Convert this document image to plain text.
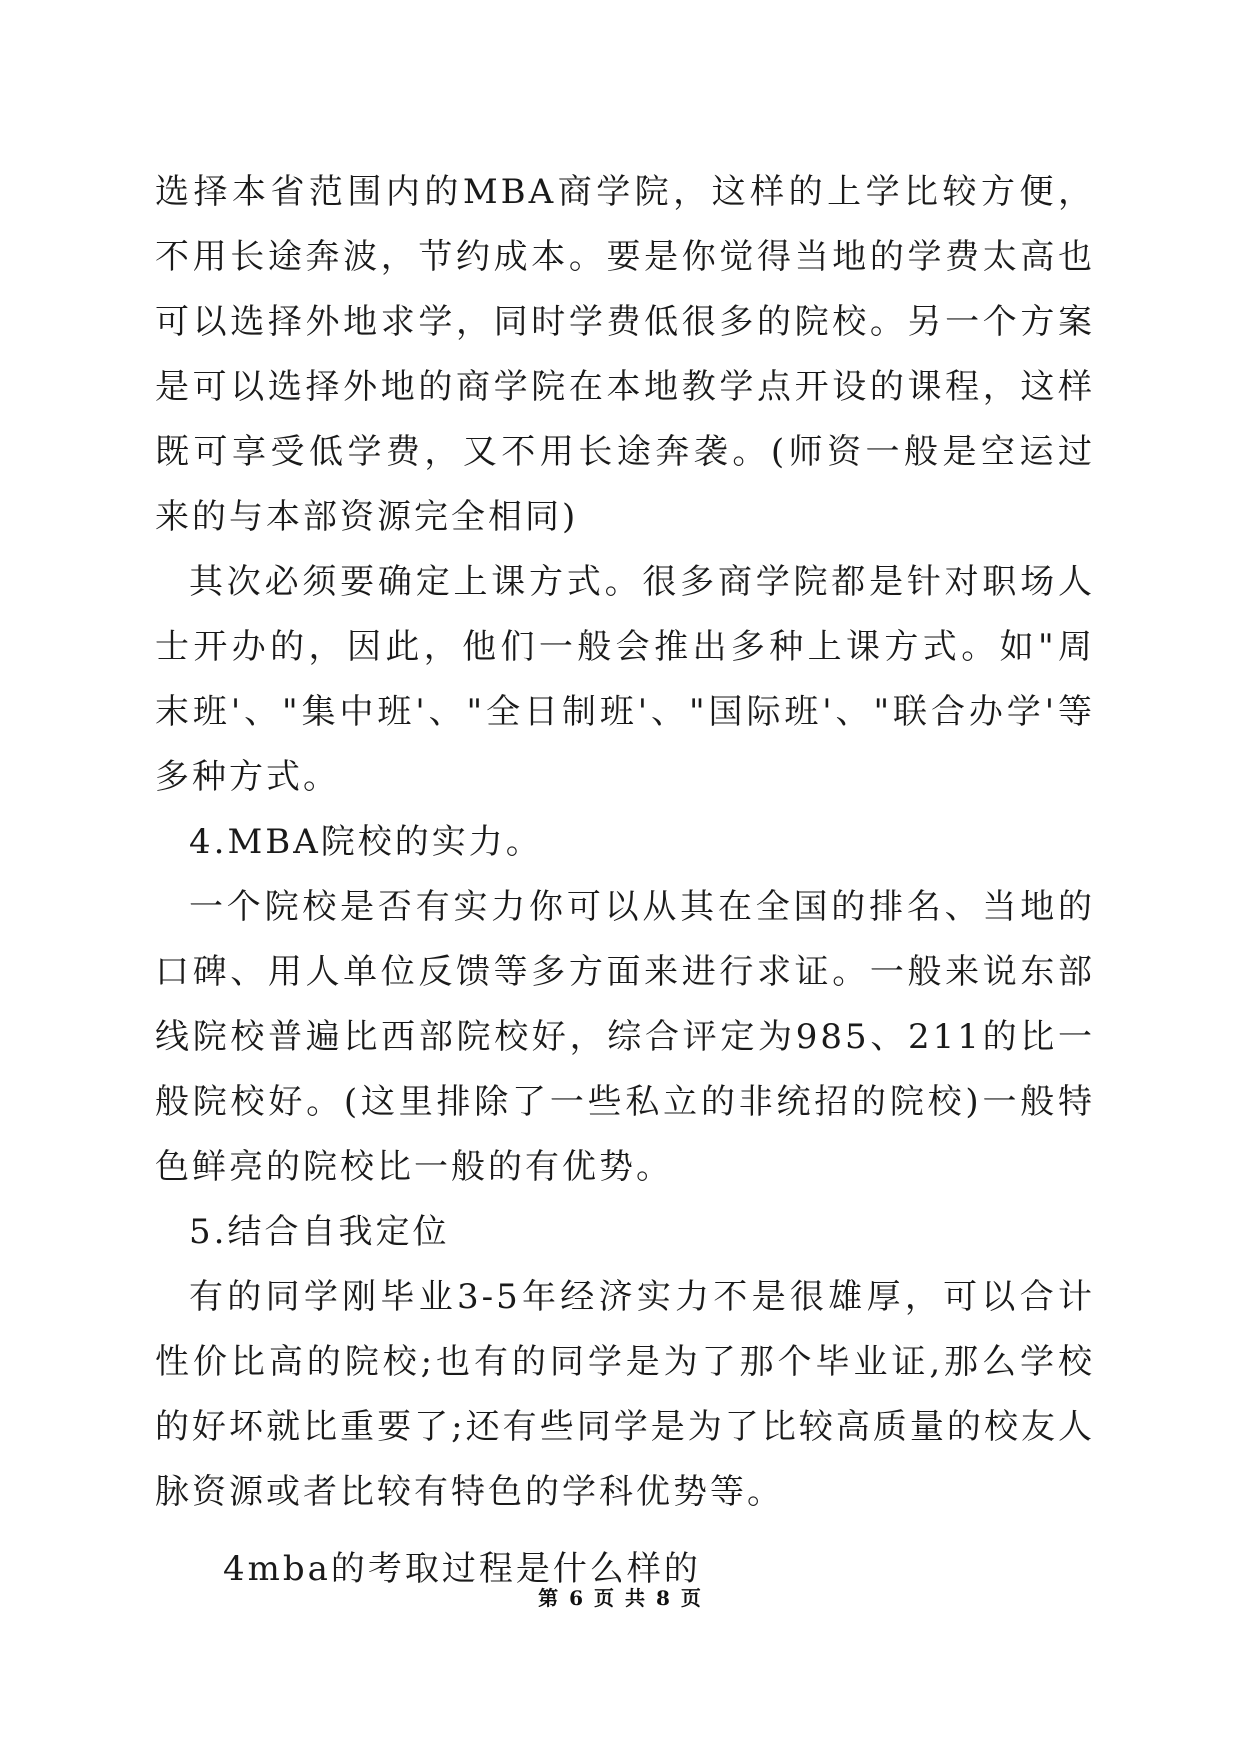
选择本省范围内的MBA商学院，这样的上学比较方便，不用长途奔波，节约成本。要是你觉得当地的学费太高也可以选择外地求学，同时学费低很多的院校。另一个方案是可以选择外地的商学院在本地教学点开设的课程，这样既可享受低学费，又不用长途奔袭。(师资一般是空运过来的与本部资源完全相同)

其次必须要确定上课方式。很多商学院都是针对职场人士开办的，因此，他们一般会推出多种上课方式。如"周末班'、"集中班'、"全日制班'、"国际班'、"联合办学'等多种方式。

4.MBA院校的实力。

一个院校是否有实力你可以从其在全国的排名、当地的口碑、用人单位反馈等多方面来进行求证。一般来说东部线院校普遍比西部院校好，综合评定为985、211的比一般院校好。(这里排除了一些私立的非统招的院校)一般特色鲜亮的院校比一般的有优势。

5.结合自我定位

有的同学刚毕业3-5年经济实力不是很雄厚，可以合计性价比高的院校;也有的同学是为了那个毕业证,那么学校的好坏就比重要了;还有些同学是为了比较高质量的校友人脉资源或者比较有特色的学科优势等。

4mba的考取过程是什么样的

第 6 页 共 8 页
